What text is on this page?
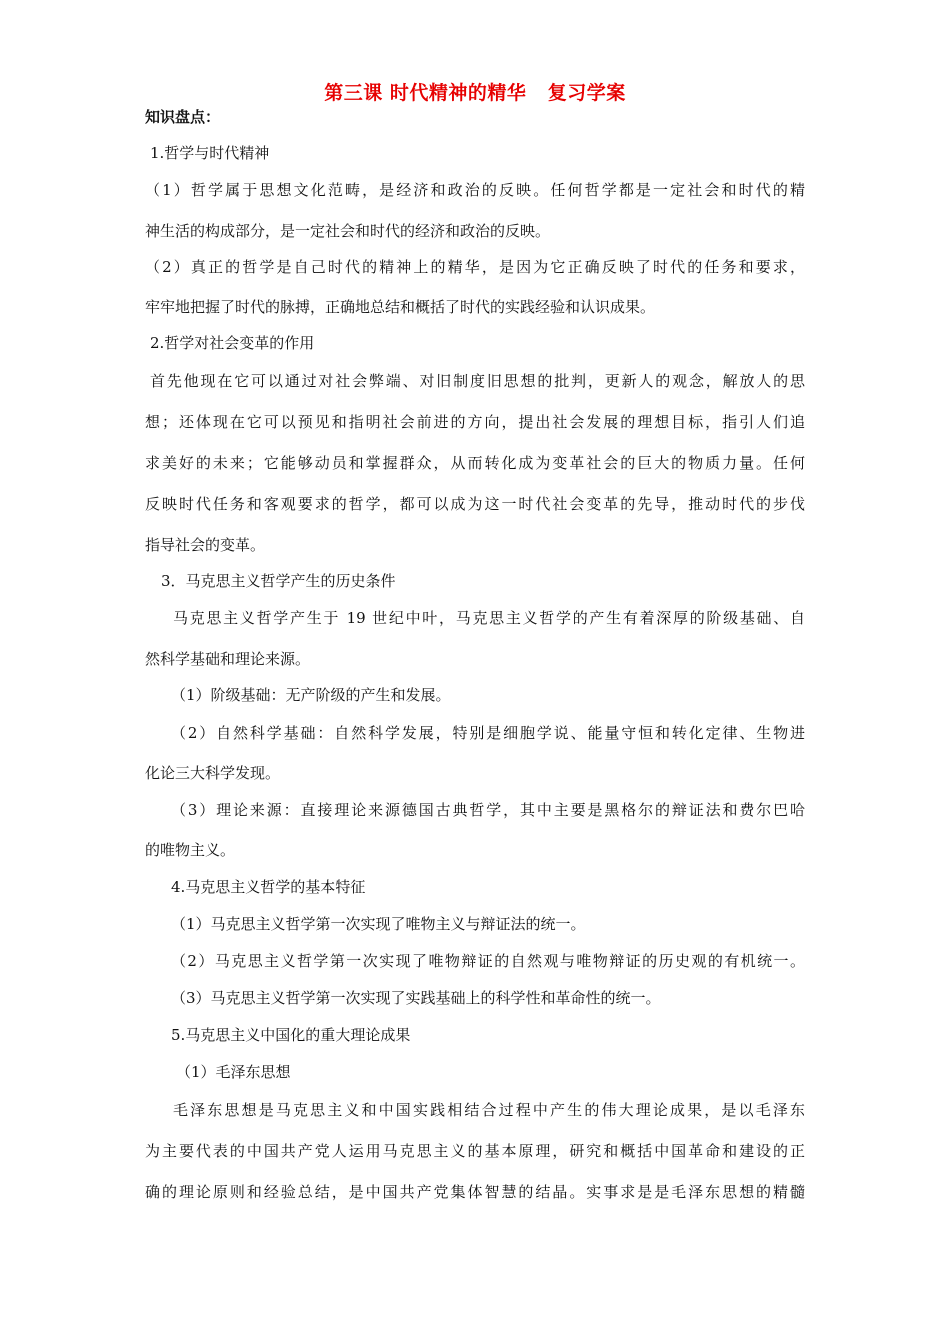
第三课 时代精神的精华   复习学案
知识盘点：
1.哲学与时代精神
（1）哲学属于思想文化范畴，是经济和政治的反映。任何哲学都是一定社会和时代的精
神生活的构成部分，是一定社会和时代的经济和政治的反映。
（2）真正的哲学是自己时代的精神上的精华，是因为它正确反映了时代的任务和要求，
牢牢地把握了时代的脉搏，正确地总结和概括了时代的实践经验和认识成果。
2.哲学对社会变革的作用
首先他现在它可以通过对社会弊端、对旧制度旧思想的批判，更新人的观念，解放人的思
想；还体现在它可以预见和指明社会前进的方向，提出社会发展的理想目标，指引人们追
求美好的未来；它能够动员和掌握群众，从而转化成为变革社会的巨大的物质力量。任何
反映时代任务和客观要求的哲学，都可以成为这一时代社会变革的先导，推动时代的步伐
指导社会的变革。
3．马克思主义哲学产生的历史条件
马克思主义哲学产生于 19 世纪中叶，马克思主义哲学的产生有着深厚的阶级基础、自
然科学基础和理论来源。
（1）阶级基础：无产阶级的产生和发展。
（2）自然科学基础：自然科学发展，特别是细胞学说、能量守恒和转化定律、生物进
化论三大科学发现。
（3）理论来源：直接理论来源德国古典哲学，其中主要是黑格尔的辩证法和费尔巴哈
的唯物主义。
4.马克思主义哲学的基本特征
（1）马克思主义哲学第一次实现了唯物主义与辩证法的统一。
（2）马克思主义哲学第一次实现了唯物辩证的自然观与唯物辩证的历史观的有机统一。
（3）马克思主义哲学第一次实现了实践基础上的科学性和革命性的统一。
5.马克思主义中国化的重大理论成果
（1）毛泽东思想
毛泽东思想是马克思主义和中国实践相结合过程中产生的伟大理论成果，是以毛泽东
为主要代表的中国共产党人运用马克思主义的基本原理，研究和概括中国革命和建设的正
确的理论原则和经验总结，是中国共产党集体智慧的结晶。实事求是是毛泽东思想的精髓
